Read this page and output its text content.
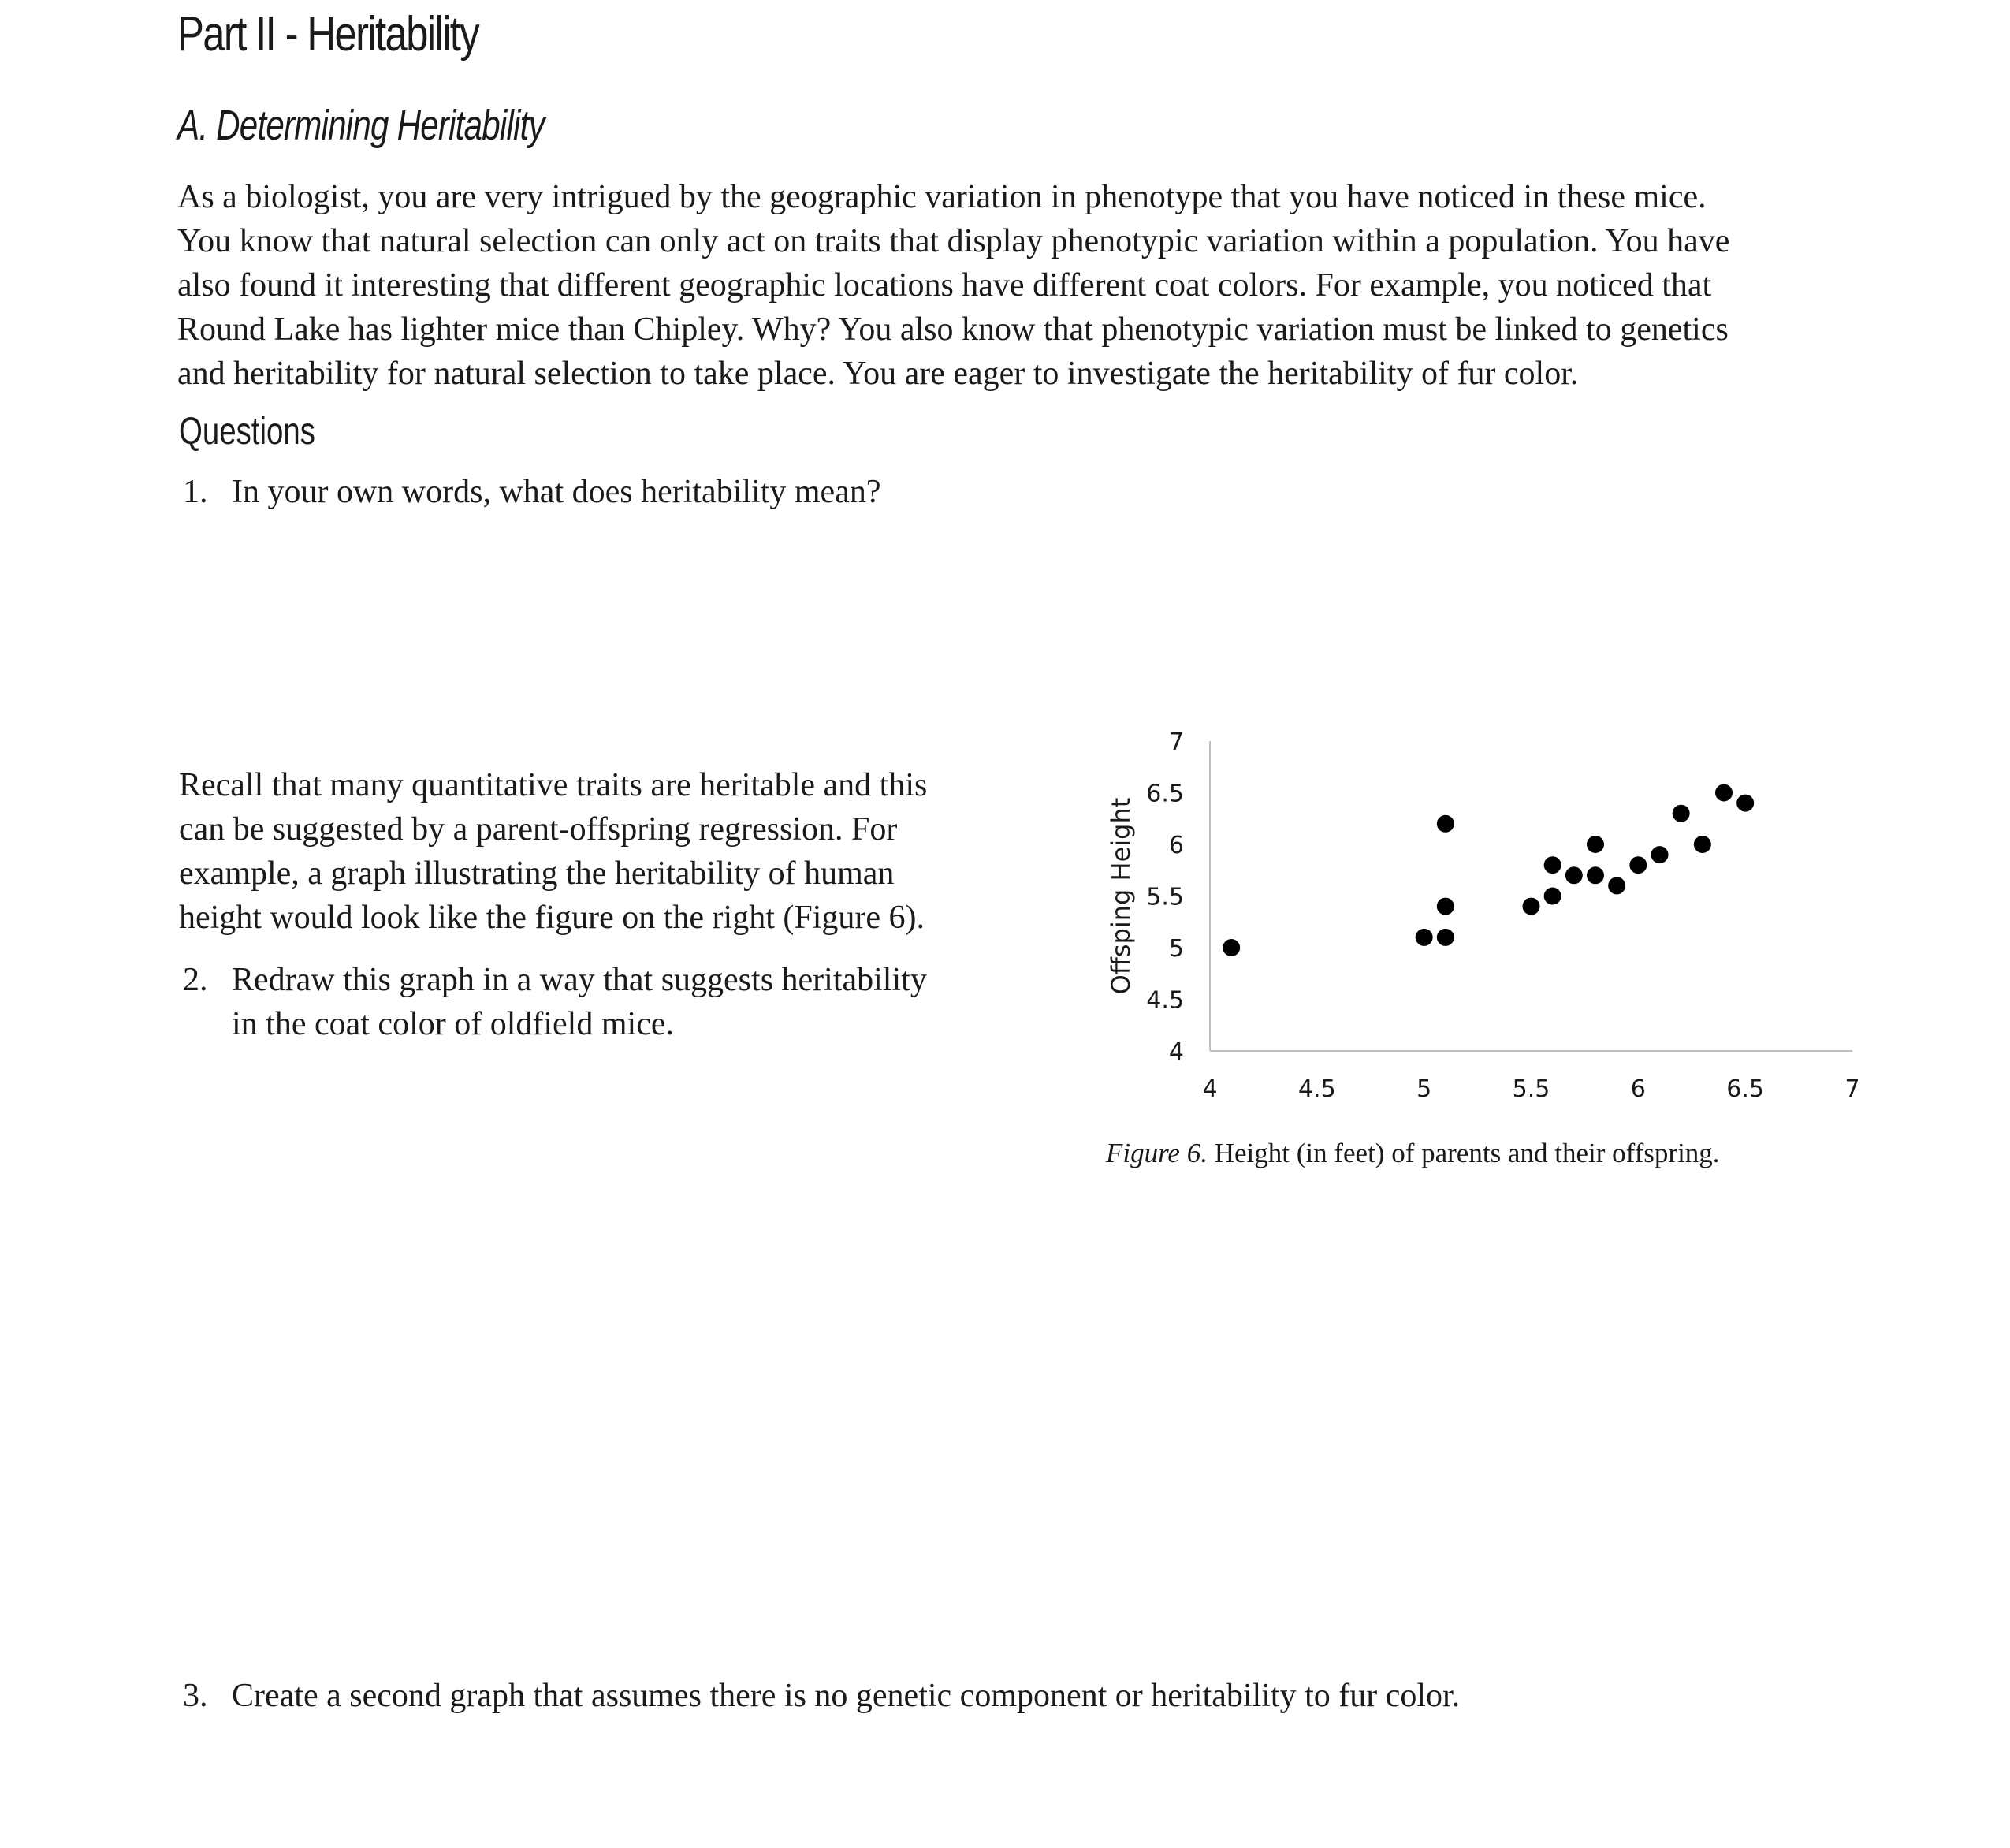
Part II - Heritability
A. Determining Heritability

As a biologist, you are very intrigued by the geographic variation in phenotype that you have noticed in these mice.

You know that natural selection can only act on traits that display phenotypic variation within a population. You have

also found it interesting that different geographic locations have different coat colors. For example, you noticed that

Round Lake has lighter mice than Chipley. Why? You also know that phenotypic variation must be linked to genetics

and heritability for natural selection to take place. You are eager to investigate the heritability of fur color.

Questions
1. In your own words, what does heritability mean?

Recall that many quantitative traits are heritable and this

can be suggested by a parent-offspring regression. For

example, a graph illustrating the heritability of human

height would look like the figure on the right (Figure 6).

2. Redraw this graph in a way that suggests heritability
in the coat color of oldfield mice.
4
4.5
5
5.5
6
6.5
7
4	4.5	5	5.5	6	6.5	7
Offsping Height
Figure 6. Height (in feet) of parents and their offspring.
3. Create a second graph that assumes there is no genetic component or heritability to fur color.
